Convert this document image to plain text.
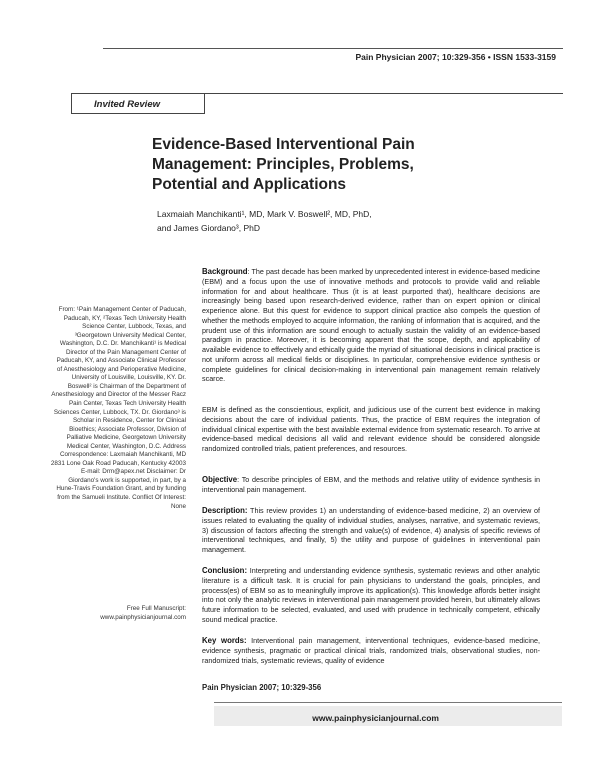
Pain Physician 2007; 10:329-356 • ISSN 1533-3159
Invited Review
Evidence-Based Interventional Pain Management: Principles, Problems, Potential and Applications
Laxmaiah Manchikanti¹, MD, Mark V. Boswell², MD, PhD,
and James Giordano³, PhD
From: ¹Pain Management Center of Paducah, Paducah, KY, ²Texas Tech University Health Science Center, Lubbock, Texas, and ³Georgetown University Medical Center, Washington, D.C. Dr. Manchikanti¹ is Medical Director of the Pain Management Center of Paducah, KY, and Associate Clinical Professor of Anesthesiology and Perioperative Medicine, University of Louisville, Louisville, KY. Dr. Boswell² is Chairman of the Department of Anesthesiology and Director of the Messer Racz Pain Center, Texas Tech University Health Sciences Center, Lubbock, TX. Dr. Giordano³ is Scholar in Residence, Center for Clinical Bioethics; Associate Professor, Division of Palliative Medicine, Georgetown University Medical Center, Washington, D.C. Address Correspondence: Laxmaiah Manchikanti, MD 2831 Lone Oak Road Paducah, Kentucky 42003 E-mail: Drm@apex.net Disclaimer: Dr Giordano's work is supported, in part, by a Hune-Travis Foundation Grant, and by funding from the Samueli Institute. Conflict Of Interest: None
Free Full Manuscript: www.painphysicianjournal.com
Background: The past decade has been marked by unprecedented interest in evidence-based medicine (EBM) and a focus upon the use of innovative methods and protocols to provide valid and reliable information for and about healthcare. Thus (it is at least purported that), healthcare decisions are increasingly being based upon research-derived evidence, rather than on expert opinion or clinical experience alone. But this quest for evidence to support clinical practice also compels the question of whether the methods employed to acquire information, the ranking of information that is acquired, and the prudent use of this information are sound enough to actually sustain the validity of an evidence-based paradigm in practice. Moreover, it is becoming apparent that the scope, depth, and applicability of available evidence to effectively and ethically guide the myriad of situational decisions in clinical practice is not uniform across all medical fields or disciplines. In particular, comprehensive evidence synthesis or complete guidelines for clinical decision-making in interventional pain management remain relatively scarce.
EBM is defined as the conscientious, explicit, and judicious use of the current best evidence in making decisions about the care of individual patients. Thus, the practice of EBM requires the integration of individual clinical expertise with the best available external evidence from systematic research. To arrive at evidence-based medical decisions all valid and relevant evidence should be considered alongside randomized controlled trials, patient preferences, and resources.
Objective: To describe principles of EBM, and the methods and relative utility of evidence synthesis in interventional pain management.
Description: This review provides 1) an understanding of evidence-based medicine, 2) an overview of issues related to evaluating the quality of individual studies, analyses, narrative, and systematic reviews, 3) discussion of factors affecting the strength and value(s) of evidence, 4) analysis of specific reviews of interventional techniques, and finally, 5) the utility and purpose of guidelines in interventional pain management.
Conclusion: Interpreting and understanding evidence synthesis, systematic reviews and other analytic literature is a difficult task. It is crucial for pain physicians to understand the goals, principles, and process(es) of EBM so as to meaningfully improve its application(s). This knowledge affords better insight into not only the analytic reviews in interventional pain management provided herein, but ultimately allows future information to be selected, evaluated, and used with prudence in technically competent, ethically sound medical practice.
Key words: Interventional pain management, interventional techniques, evidence-based medicine, evidence synthesis, pragmatic or practical clinical trials, randomized trials, observational studies, non-randomized trials, systematic reviews, quality of evidence
Pain Physician 2007; 10:329-356
www.painphysicianjournal.com
